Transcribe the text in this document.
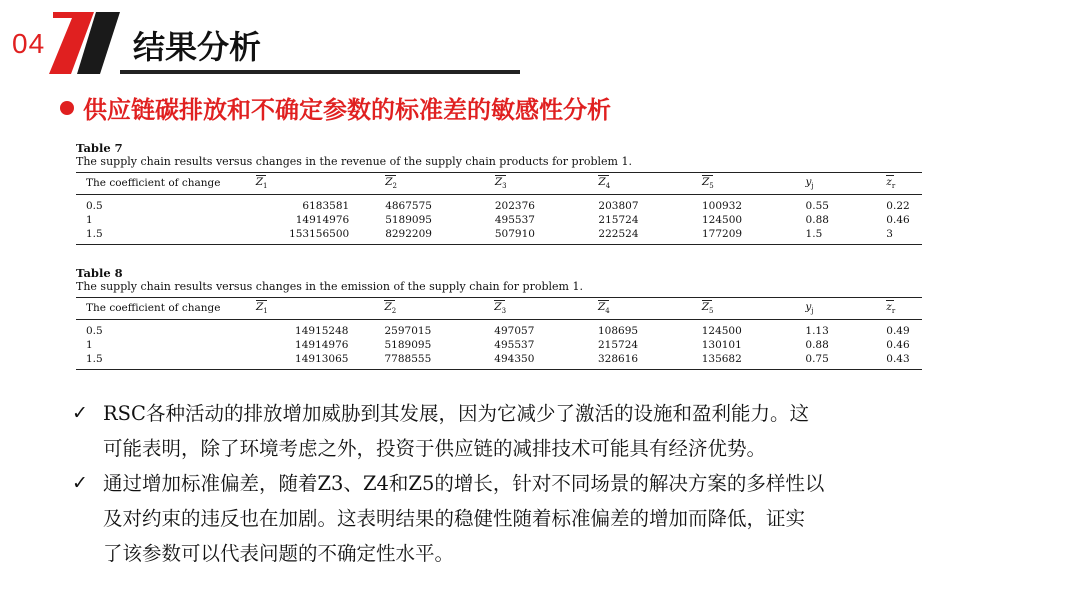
04	结果分析
供应链碳排放和不确定参数的标准差的敏感性分析
Table 7
The supply chain results versus changes in the revenue of the supply chain products for problem 1.
The coefficient of change	$Z_1$	$Z_2$	$Z_3$	$Z_4$	$Z_5$	$y_j$	$z_r$
0.5	6183581	4867575	202376	203807	100932	0.55	0.22
1	14914976	5189095	495537	215724	124500	0.88	0.46
1.5	153156500	8292209	507910	222524	177209	1.5	3
Table 8
The supply chain results versus changes in the emission of the supply chain for problem 1.
The coefficient of change	$Z_1$	$Z_2$	$Z_3$	$Z_4$	$Z_5$	$y_j$	$z_r$
0.5	14915248	2597015	497057	108695	124500	1.13	0.49
1	14914976	5189095	495537	215724	130101	0.88	0.46
1.5	14913065	7788555	494350	328616	135682	0.75	0.43
✓ RSC各种活动的排放增加威胁到其发展，因为它减少了激活的设施和盈利能力。这
可能表明，除了环境考虑之外，投资于供应链的减排技术可能具有经济优势。
✓ 通过增加标准偏差，随着Z3、Z4和Z5的增长，针对不同场景的解决方案的多样性以
及对约束的违反也在加剧。这表明结果的稳健性随着标准偏差的增加而降低，证实
了该参数可以代表问题的不确定性水平。
